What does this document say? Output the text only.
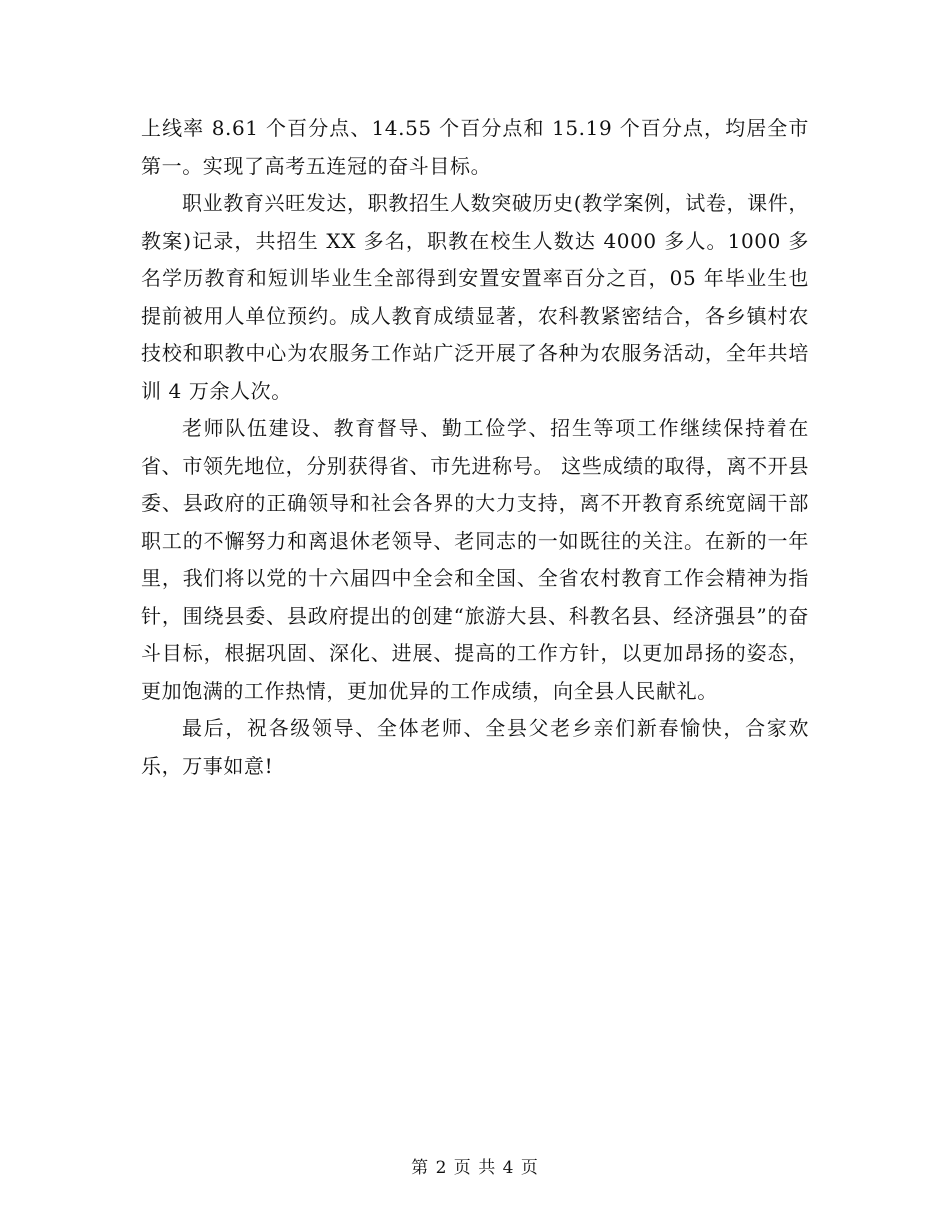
上线率 8.61 个百分点、14.55 个百分点和 15.19 个百分点，均居全市第一。实现了高考五连冠的奋斗目标。

职业教育兴旺发达，职教招生人数突破历史(教学案例，试卷，课件，教案)记录，共招生 XX 多名，职教在校生人数达 4000 多人。1000 多名学历教育和短训毕业生全部得到安置安置率百分之百，05 年毕业生也提前被用人单位预约。成人教育成绩显著，农科教紧密结合，各乡镇村农技校和职教中心为农服务工作站广泛开展了各种为农服务活动，全年共培训 4 万余人次。

老师队伍建设、教育督导、勤工俭学、招生等项工作继续保持着在省、市领先地位，分别获得省、市先进称号。 这些成绩的取得，离不开县委、县政府的正确领导和社会各界的大力支持，离不开教育系统宽阔干部职工的不懈努力和离退休老领导、老同志的一如既往的关注。在新的一年里，我们将以党的十六届四中全会和全国、全省农村教育工作会精神为指针，围绕县委、县政府提出的创建“旅游大县、科教名县、经济强县”的奋斗目标，根据巩固、深化、进展、提高的工作方针，以更加昂扬的姿态，更加饱满的工作热情，更加优异的工作成绩，向全县人民献礼。

最后，祝各级领导、全体老师、全县父老乡亲们新春愉快，合家欢乐，万事如意!

第 2 页 共 4 页
